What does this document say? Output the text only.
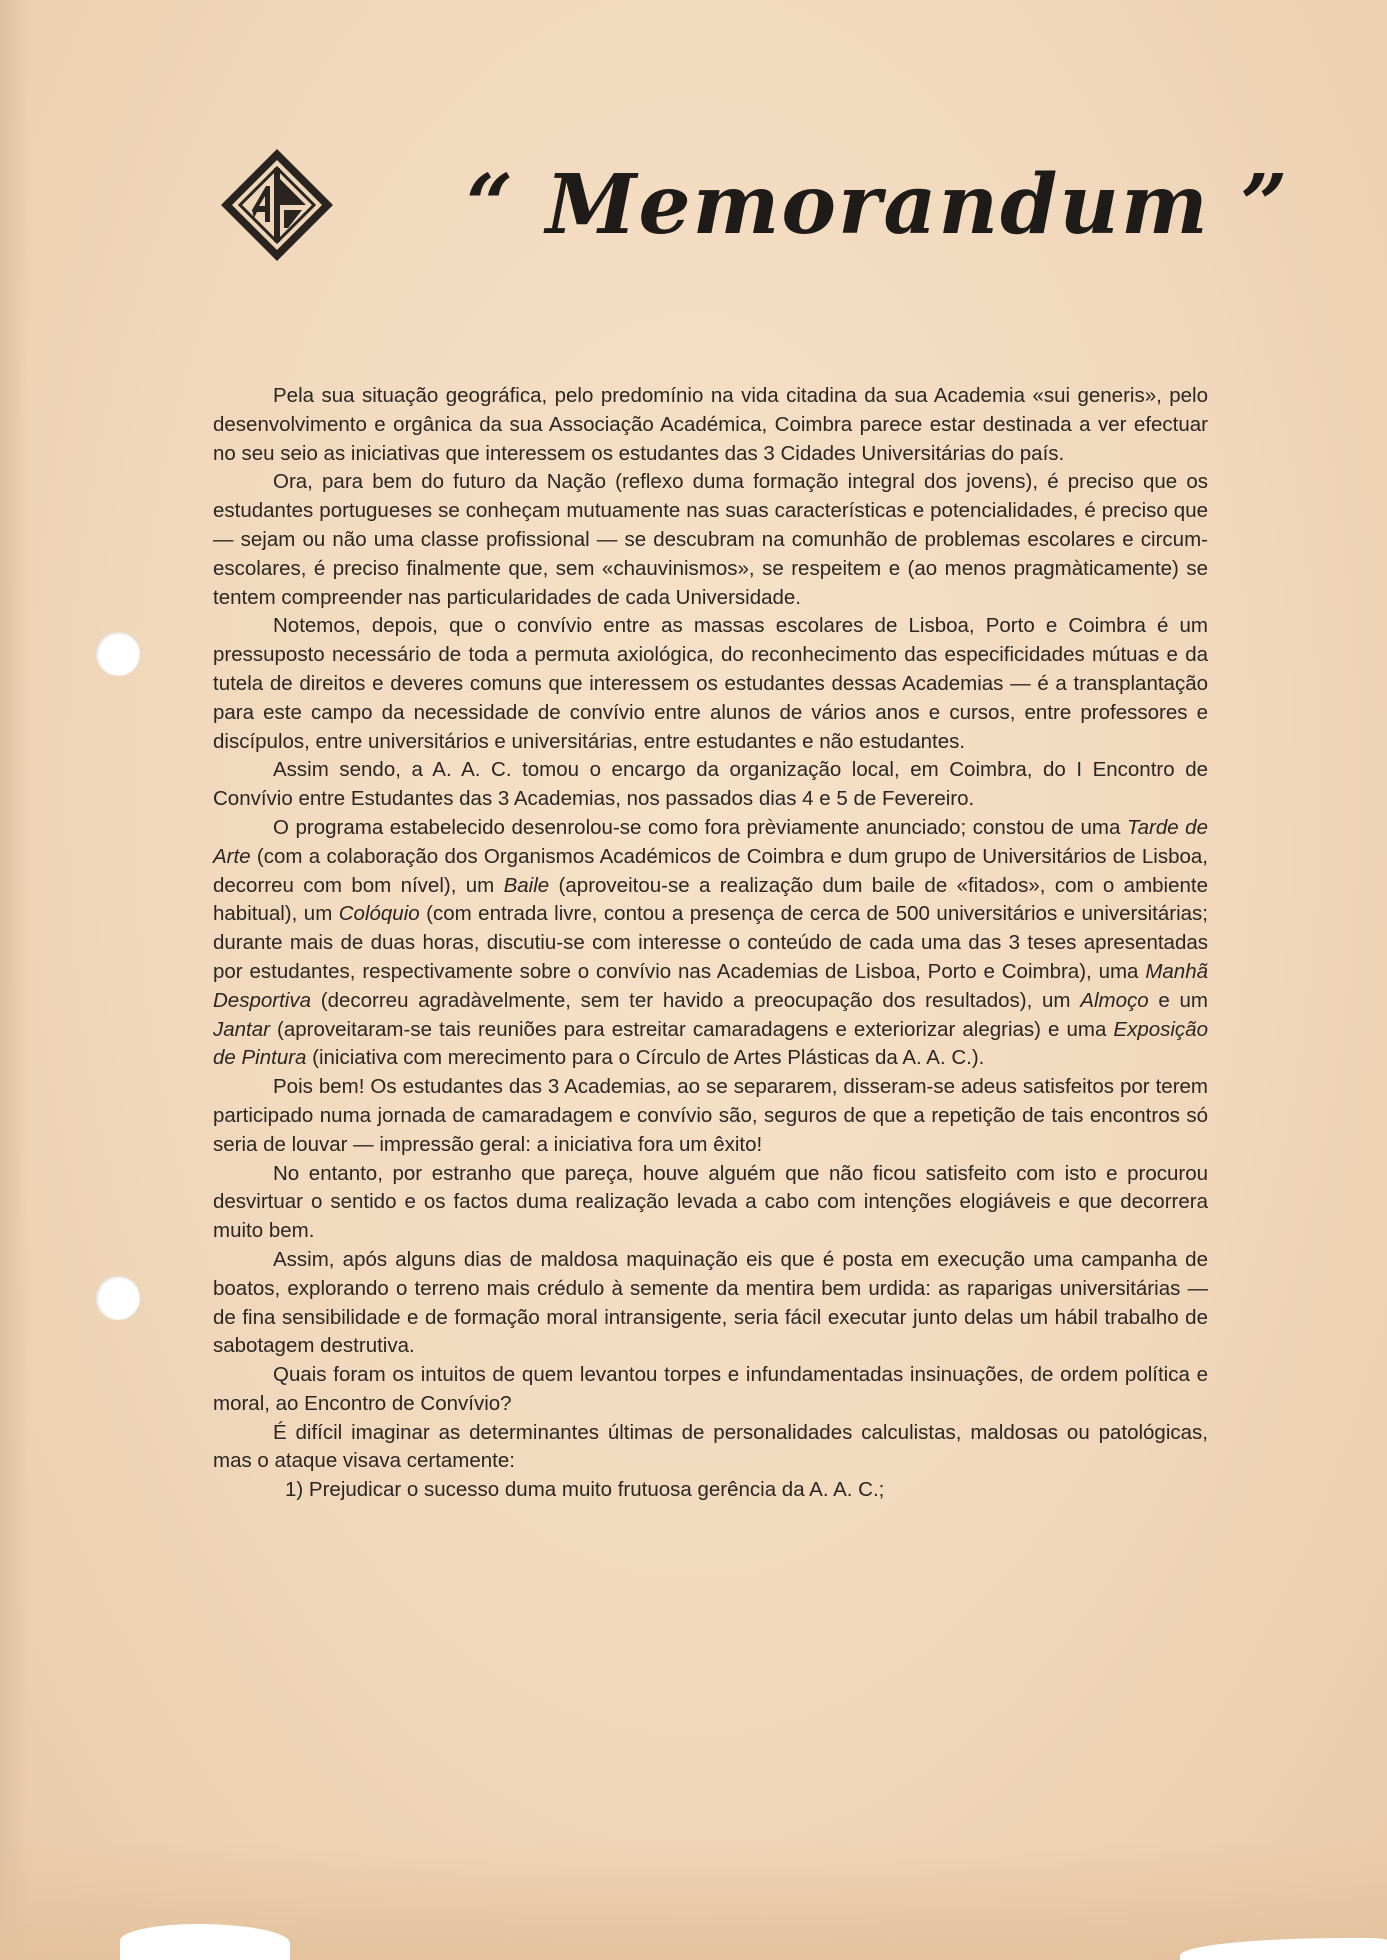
“ Memorandum ”

Pela sua situação geográfica, pelo predomínio na vida citadina da sua Academia «sui generis», pelo desenvolvimento e orgânica da sua Associação Académica, Coimbra parece estar destinada a ver efectuar no seu seio as iniciativas que interessem os estudantes das 3 Cidades Universitárias do país.

Ora, para bem do futuro da Nação (reflexo duma formação integral dos jovens), é preciso que os estudantes portugueses se conheçam mutuamente nas suas características e potencialidades, é preciso que — sejam ou não uma classe profissional — se descubram na comunhão de problemas escolares e circum-escolares, é preciso finalmente que, sem «chauvinismos», se respeitem e (ao menos pragmàticamente) se tentem compreender nas particularidades de cada Universidade.

Notemos, depois, que o convívio entre as massas escolares de Lisboa, Porto e Coimbra é um pressuposto necessário de toda a permuta axiológica, do reconhecimento das especificidades mútuas e da tutela de direitos e deveres comuns que interessem os estudantes dessas Academias — é a transplantação para este campo da necessidade de convívio entre alunos de vários anos e cursos, entre professores e discípulos, entre universitários e universitárias, entre estudantes e não estudantes.

Assim sendo, a A. A. C. tomou o encargo da organização local, em Coimbra, do I Encontro de Convívio entre Estudantes das 3 Academias, nos passados dias 4 e 5 de Fevereiro.

O programa estabelecido desenrolou-se como fora prèviamente anunciado; constou de uma Tarde de Arte (com a colaboração dos Organismos Académicos de Coimbra e dum grupo de Universitários de Lisboa, decorreu com bom nível), um Baile (aproveitou-se a realização dum baile de «fitados», com o ambiente habitual), um Colóquio (com entrada livre, contou a presença de cerca de 500 universitários e universitárias; durante mais de duas horas, discutiu-se com interesse o conteúdo de cada uma das 3 teses apresentadas por estudantes, respectivamente sobre o convívio nas Academias de Lisboa, Porto e Coimbra), uma Manhã Desportiva (decorreu agradàvelmente, sem ter havido a preocupação dos resultados), um Almoço e um Jantar (aproveitaram-se tais reuniões para estreitar camaradagens e exteriorizar alegrias) e uma Exposição de Pintura (iniciativa com merecimento para o Círculo de Artes Plásticas da A. A. C.).

Pois bem! Os estudantes das 3 Academias, ao se separarem, disseram-se adeus satisfeitos por terem participado numa jornada de camaradagem e convívio são, seguros de que a repetição de tais encontros só seria de louvar — impressão geral: a iniciativa fora um êxito!

No entanto, por estranho que pareça, houve alguém que não ficou satisfeito com isto e procurou desvirtuar o sentido e os factos duma realização levada a cabo com intenções elogiáveis e que decorrera muito bem.

Assim, após alguns dias de maldosa maquinação eis que é posta em execução uma campanha de boatos, explorando o terreno mais crédulo à semente da mentira bem urdida: as raparigas universitárias — de fina sensibilidade e de formação moral intransigente, seria fácil executar junto delas um hábil trabalho de sabotagem destrutiva.

Quais foram os intuitos de quem levantou torpes e infundamentadas insinuações, de ordem política e moral, ao Encontro de Convívio?

É difícil imaginar as determinantes últimas de personalidades calculistas, maldosas ou patológicas, mas o ataque visava certamente:

1) Prejudicar o sucesso duma muito frutuosa gerência da A. A. C.;
